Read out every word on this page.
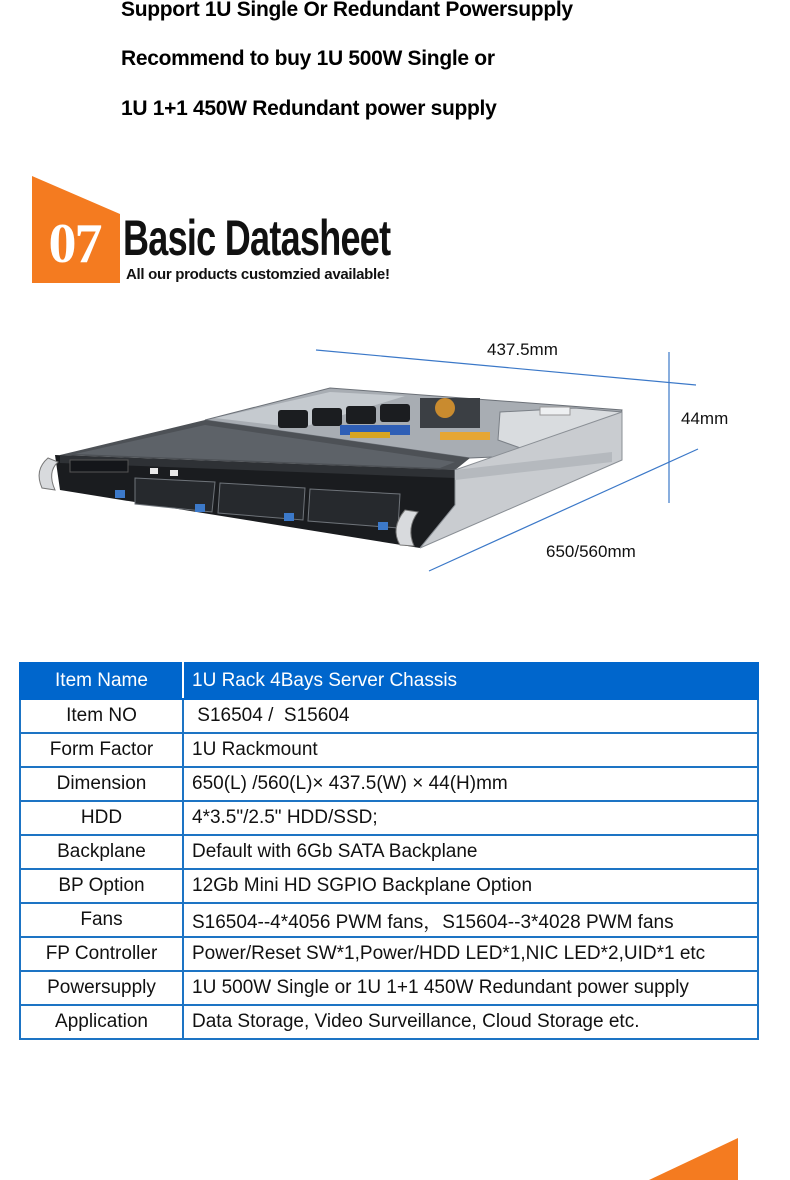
Support 1U Single Or Redundant Powersupply

Recommend to buy 1U 500W Single or

1U 1+1 450W Redundant power supply

07 Basic Datasheet

All our products customzied available!

437.5mm
44mm
650/560mm
Item Name	1U Rack 4Bays Server Chassis
Item NO	S16504 /  S15604
Form Factor	1U Rackmount
Dimension	650(L) /560(L)× 437.5(W) × 44(H)mm
HDD	4*3.5"/2.5" HDD/SSD;
Backplane	Default with 6Gb SATA Backplane
BP Option	12Gb Mini HD SGPIO Backplane Option
Fans	S16504--4*4056 PWM fans，S15604--3*4028 PWM fans
FP Controller	Power/Reset SW*1,Power/HDD LED*1,NIC LED*2,UID*1 etc
Powersupply	1U 500W Single or 1U 1+1 450W Redundant power supply
Application	Data Storage, Video Surveillance, Cloud Storage etc.
